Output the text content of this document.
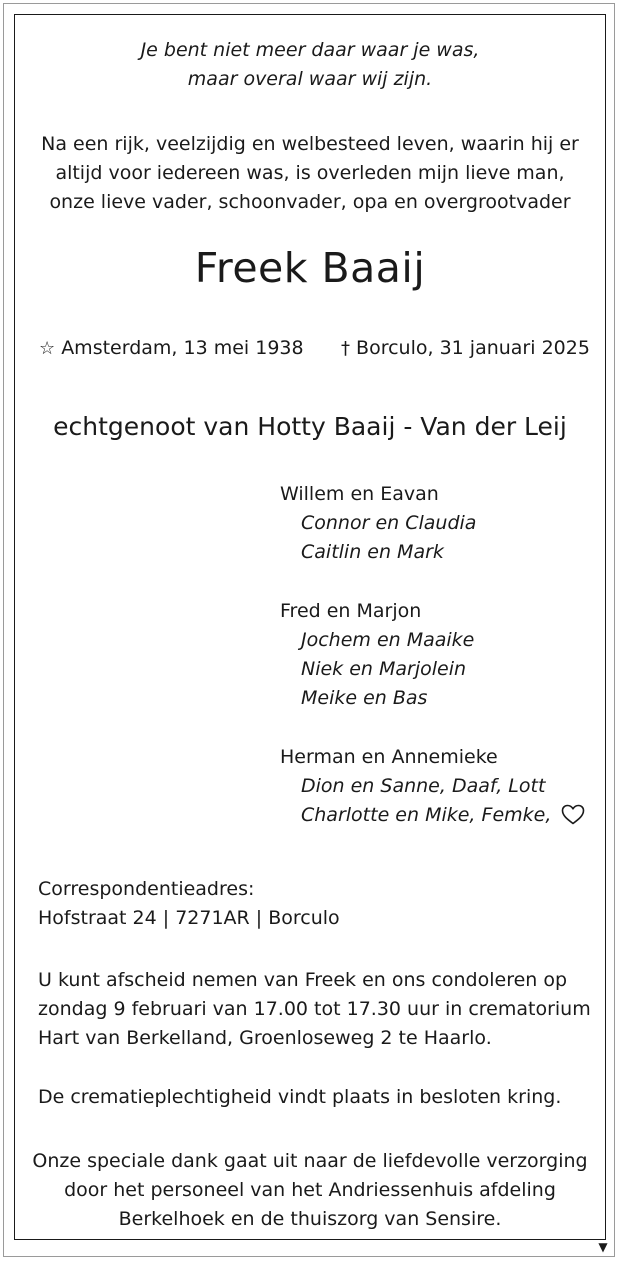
▼
Je bent niet meer daar waar je was,
maar overal waar wij zijn.
Na een rijk, veelzijdig en welbesteed leven, waarin hij er
altijd voor iedereen was, is overleden mijn lieve man,
onze lieve vader, schoonvader, opa en overgrootvader
Freek Baaij
☆ Amsterdam, 13 mei 1938 † Borculo, 31 januari 2025
echtgenoot van Hotty Baaij - Van der Leij
Willem en Eavan
Connor en Claudia
Caitlin en Mark
Fred en Marjon
Jochem en Maaike
Niek en Marjolein
Meike en Bas
Herman en Annemieke
Dion en Sanne, Daaf, Lott
Charlotte en Mike, Femke,
Correspondentieadres:
Hofstraat 24 | 7271AR | Borculo
U kunt afscheid nemen van Freek en ons condoleren op
zondag 9 februari van 17.00 tot 17.30 uur in crematorium
Hart van Berkelland, Groenloseweg 2 te Haarlo.
De crematieplechtigheid vindt plaats in besloten kring.
Onze speciale dank gaat uit naar de liefdevolle verzorging
door het personeel van het Andriessenhuis afdeling
Berkelhoek en de thuiszorg van Sensire.
